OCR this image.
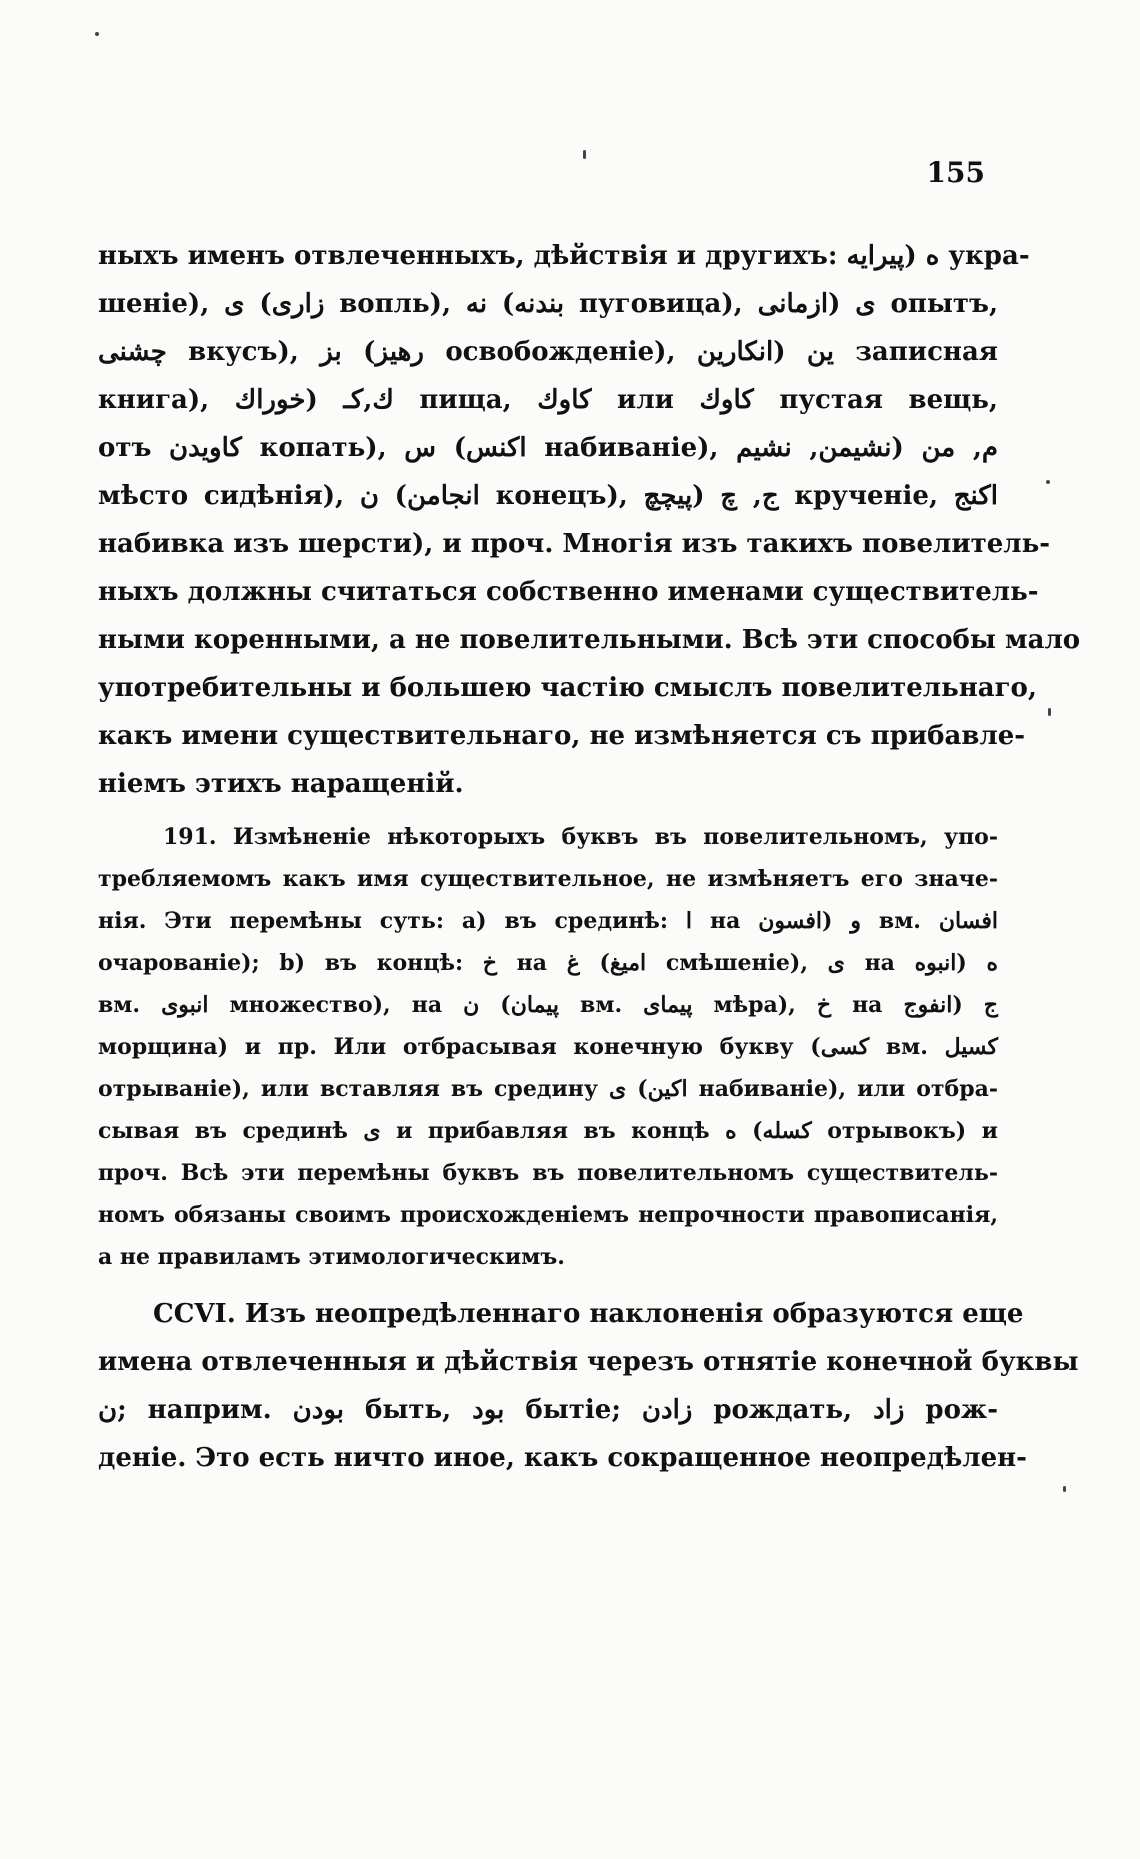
155
ныхъ именъ отвлеченныхъ, дѣйствія и другихъ: ه (پيرايه укра-
шеніе), ى (زارى вопль), نه (بندنه пуговица), ى (ازمانى опытъ,
چشنى вкусъ), بز (رهيز освобожденіе), ين (انكارين записная
книга), ك,كـ (خوراك пища, كاوك или كاوك пустая вещь,
отъ كاويدن копать), س (اكنس набиваніе), م, من (نشيمن, نشيم
мѣсто сидѣнія), ن (انجامن конецъ), ج, چ (پيچچ крученіе, اكنج
набивка изъ шерсти), и проч. Многія изъ такихъ повелитель-
ныхъ должны считаться собственно именами существитель-
ными коренными, а не повелительными. Всѣ эти способы мало
употребительны и большею частію смыслъ повелительнаго,
какъ имени существительнаго, не измѣняется съ прибавле-
ніемъ этихъ наращеній.
191. Измѣненіе нѣкоторыхъ буквъ въ повелительномъ, упо-
требляемомъ какъ имя существительное, не измѣняетъ его значе-
нія. Эти перемѣны суть: a) въ срединѣ: ا на و (افسون вм. افسان
очарованіе); b) въ концѣ: خ на غ (اميغ смѣшеніе), ى на ه (انبوه
вм. انبوى множество), на ن (پيمان вм. پيماى мѣра), خ на ج (انفوج
морщина) и пр. Или отбрасывая конечную букву (كسى вм. كسيل
отрываніе), или вставляя въ средину ى (اكين набиваніе), или отбра-
сывая въ срединѣ ى и прибавляя въ концѣ ه (كسله отрывокъ) и
проч. Всѣ эти перемѣны буквъ въ повелительномъ существитель-
номъ обязаны своимъ происхожденіемъ непрочности правописанія,
а не правиламъ этимологическимъ.
CCVI. Изъ неопредѣленнаго наклоненія образуются еще
имена отвлеченныя и дѣйствія черезъ отнятіе конечной буквы
ن; наприм. بودن быть, بود бытіе; زادن рождать, زاد рож-
деніе. Это есть ничто иное, какъ сокращенное неопредѣлен-
